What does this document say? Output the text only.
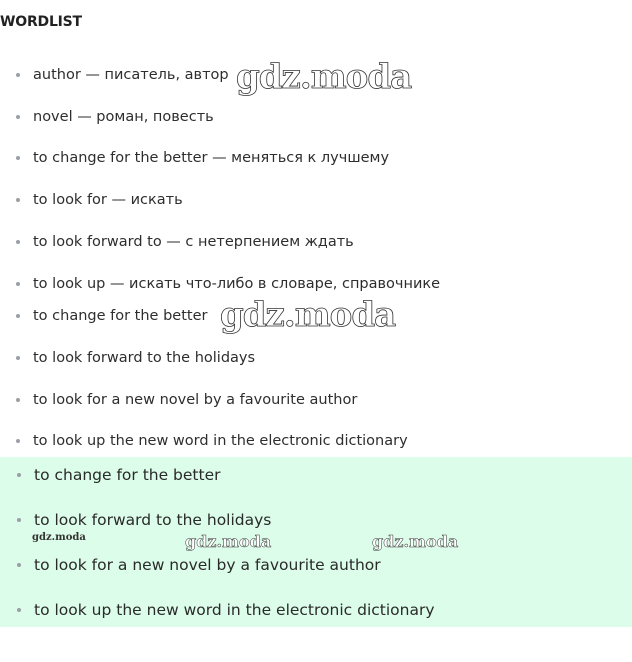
WORDLIST
author — писатель, автор
novel — роман, повесть
to change for the better — меняться к лучшему
to look for — искать
to look forward to — с нетерпением ждать
to look up — искать что-либо в словаре, справочнике
to change for the better
to look forward to the holidays
to look for a new novel by a favourite author
to look up the new word in the electronic dictionary
to change for the better
to look forward to the holidays
to look for a new novel by a favourite author
to look up the new word in the electronic dictionary
gdz.moda
gdz.moda
gdz.moda	gdz.moda	gdz.moda
